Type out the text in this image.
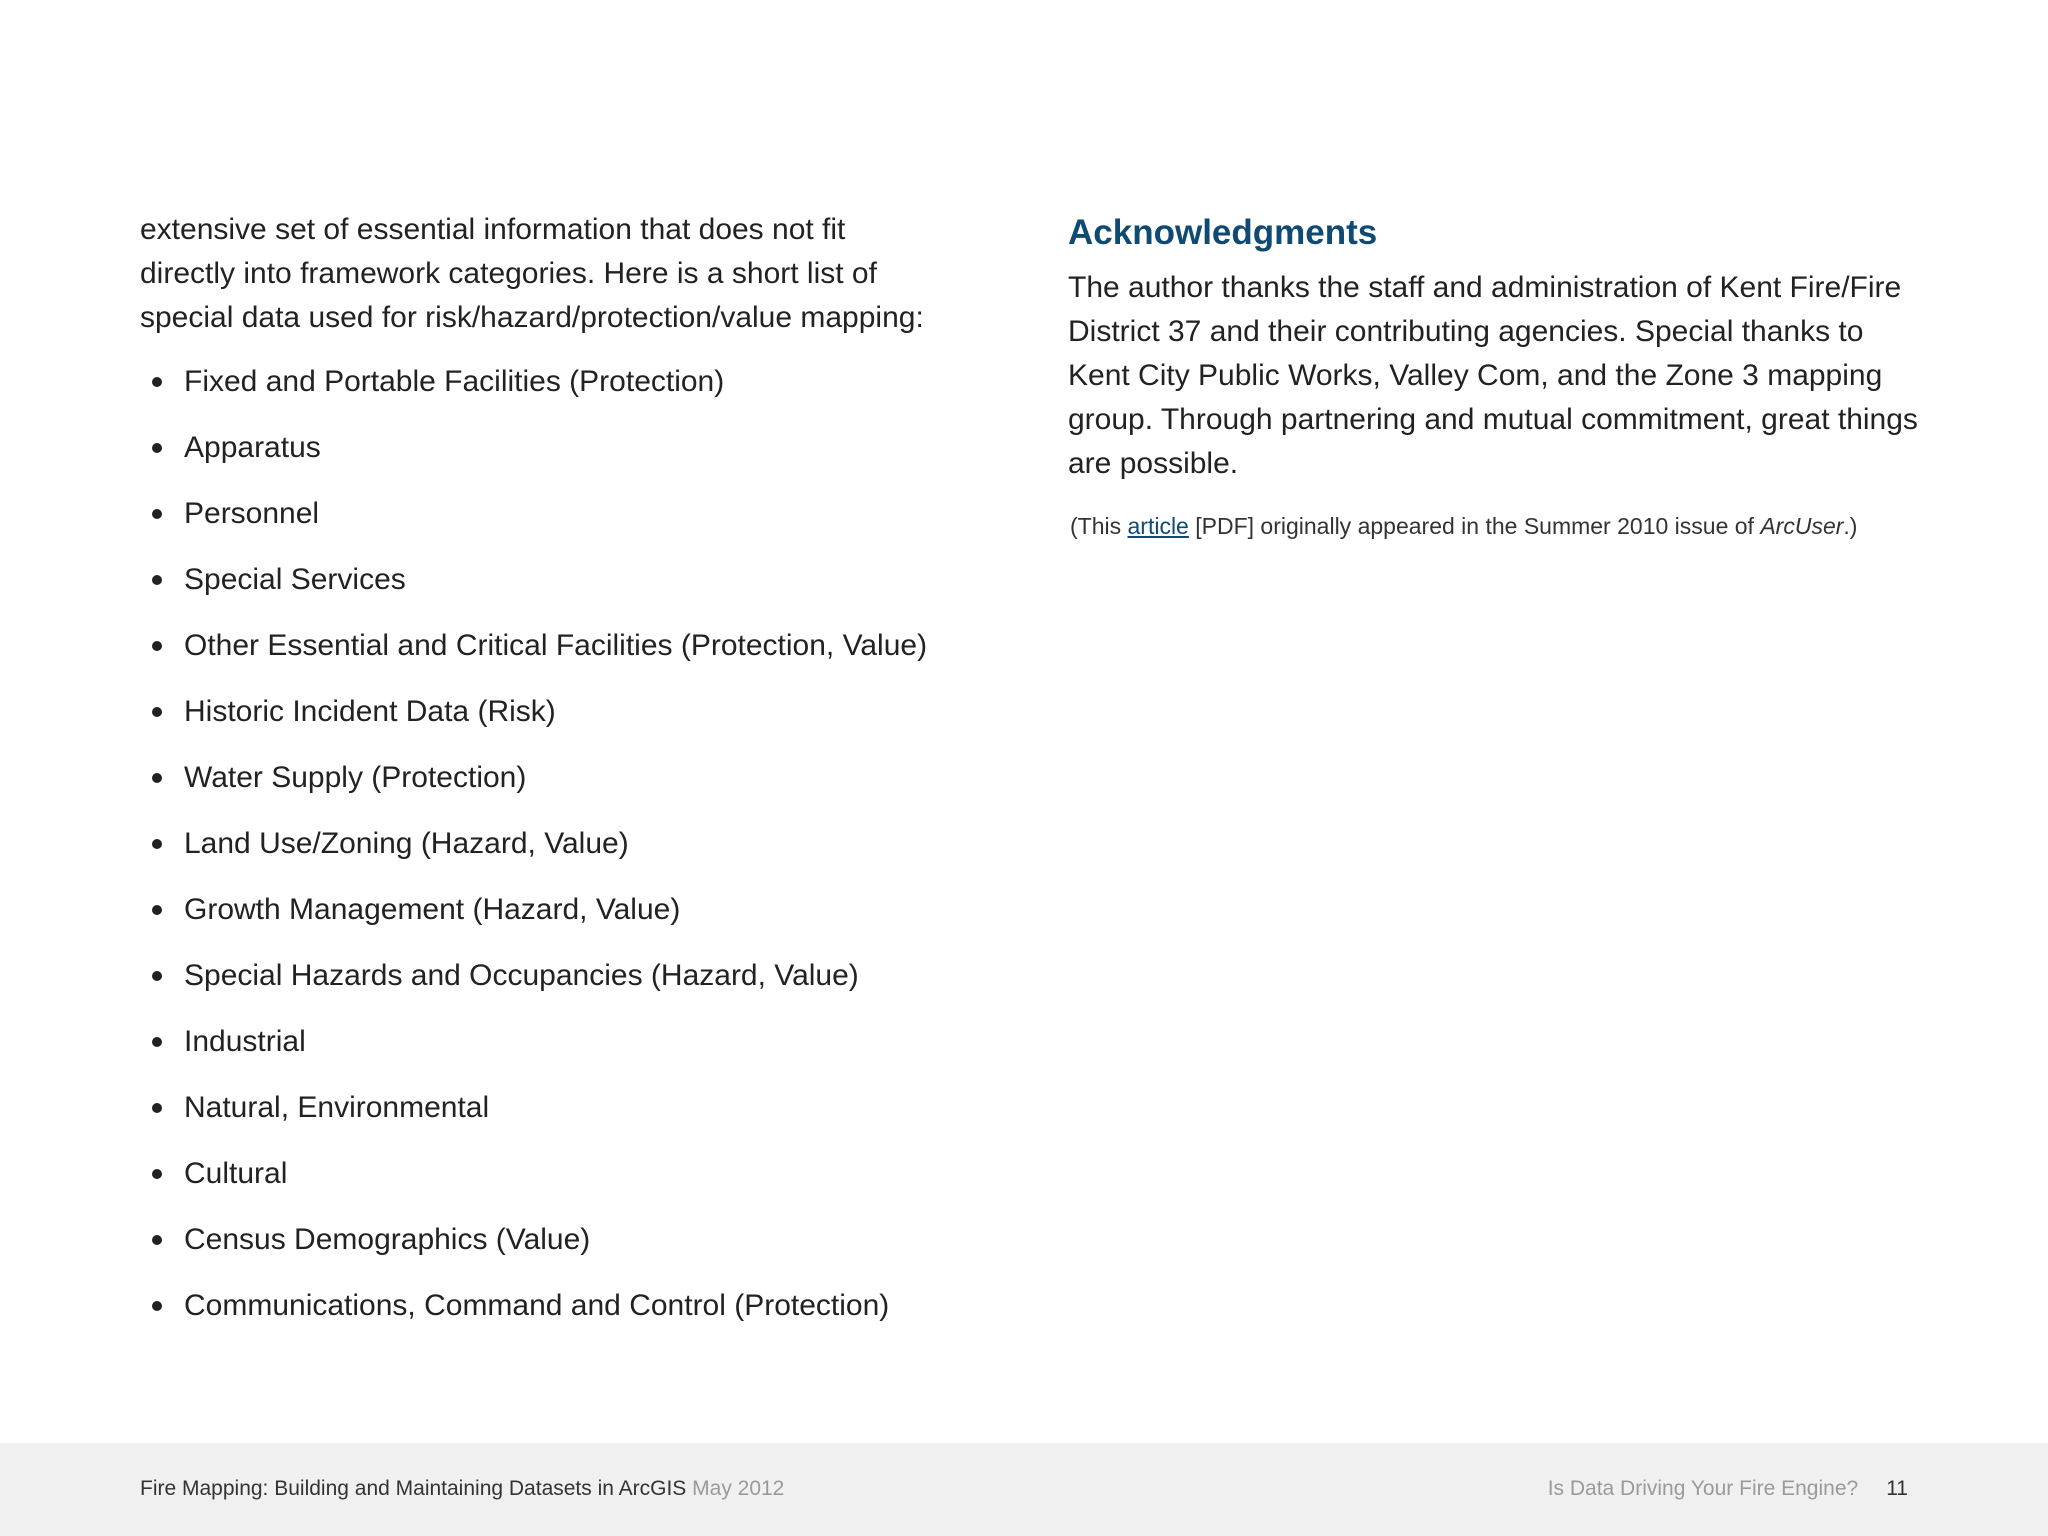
extensive set of essential information that does not fit directly into framework categories. Here is a short list of special data used for risk/hazard/protection/value mapping:

Fixed and Portable Facilities (Protection)
Apparatus
Personnel
Special Services
Other Essential and Critical Facilities (Protection, Value)
Historic Incident Data (Risk)
Water Supply (Protection)
Land Use/Zoning (Hazard, Value)
Growth Management (Hazard, Value)
Special Hazards and Occupancies (Hazard, Value)
Industrial
Natural, Environmental
Cultural
Census Demographics (Value)
Communications, Command and Control (Protection)
Acknowledgments

The author thanks the staff and administration of Kent Fire/Fire District 37 and their contributing agencies. Special thanks to Kent City Public Works, Valley Com, and the Zone 3 mapping group. Through partnering and mutual commitment, great things are possible.

(This article [PDF] originally appeared in the Summer 2010 issue of ArcUser.)

Fire Mapping: Building and Maintaining Datasets in ArcGIS May 2012	Is Data Driving Your Fire Engine? 11
